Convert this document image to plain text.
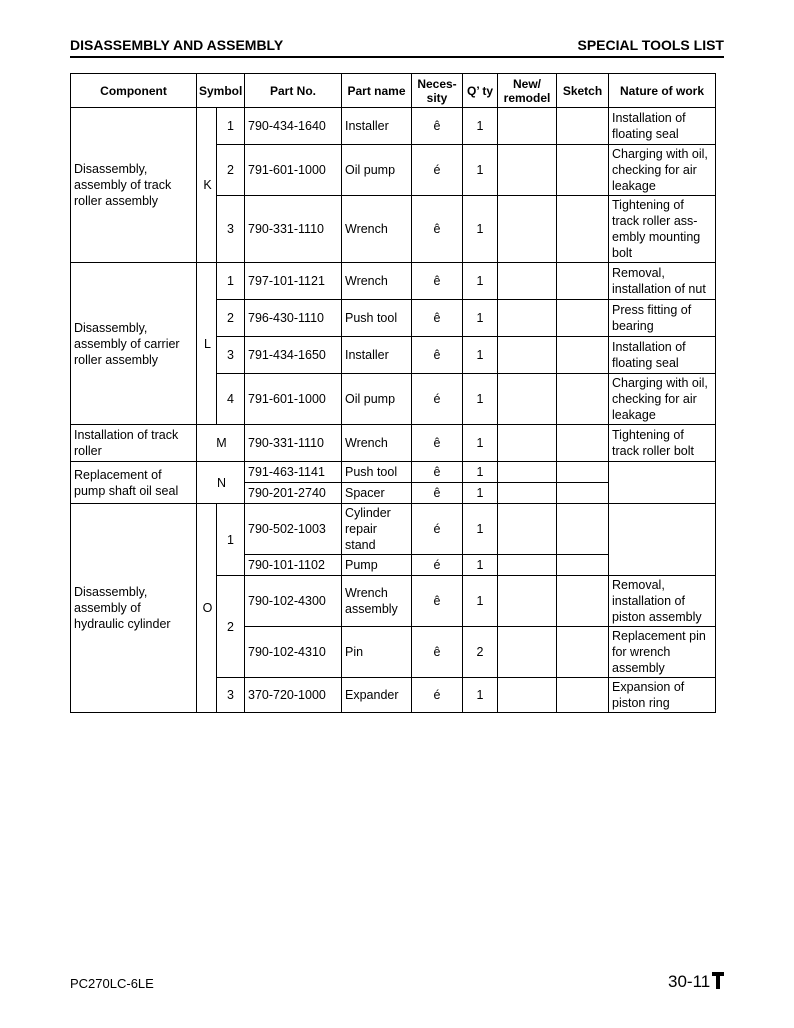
DISASSEMBLY AND ASSEMBLY	SPECIAL TOOLS LIST
Component	Symbol		Part No.	Part name	Neces-
sity	Q’ ty	New/
remodel	Sketch	Nature of work
Disassembly,
assembly of track
roller assembly	K	1	790-434-1640	Installer	ê	1			Installation of
floating seal
		2	791-601-1000	Oil pump	é	1			Charging with oil,
checking for air
leakage
		3	790-331-1110	Wrench	ê	1			Tightening of
track roller ass-
embly mounting
bolt
Disassembly,
assembly of carrier
roller assembly	L	1	797-101-1121	Wrench	ê	1			Removal,
installation of nut
		2	796-430-1110	Push tool	ê	1			Press fitting of
bearing
		3	791-434-1650	Installer	ê	1			Installation of
floating seal
		4	791-601-1000	Oil pump	é	1			Charging with oil,
checking for air
leakage
Installation of track
roller	M		790-331-1110	Wrench	ê	1			Tightening of
track roller bolt
Replacement of
pump shaft oil seal	N		791-463-1141	Push tool	ê	1			
			790-201-2740	Spacer	ê	1			
Disassembly,
assembly of
hydraulic cylinder	O	1	790-502-1003	Cylinder
repair
stand	é	1			
			790-101-1102	Pump	é	1			
		2	790-102-4300	Wrench
assembly	ê	1			Removal,
installation of
piston assembly
			790-102-4310	Pin	ê	2			Replacement pin
for wrench
assembly
		3	370-720-1000	Expander	é	1			Expansion of
piston ring
PC270LC-6LE	30-11
